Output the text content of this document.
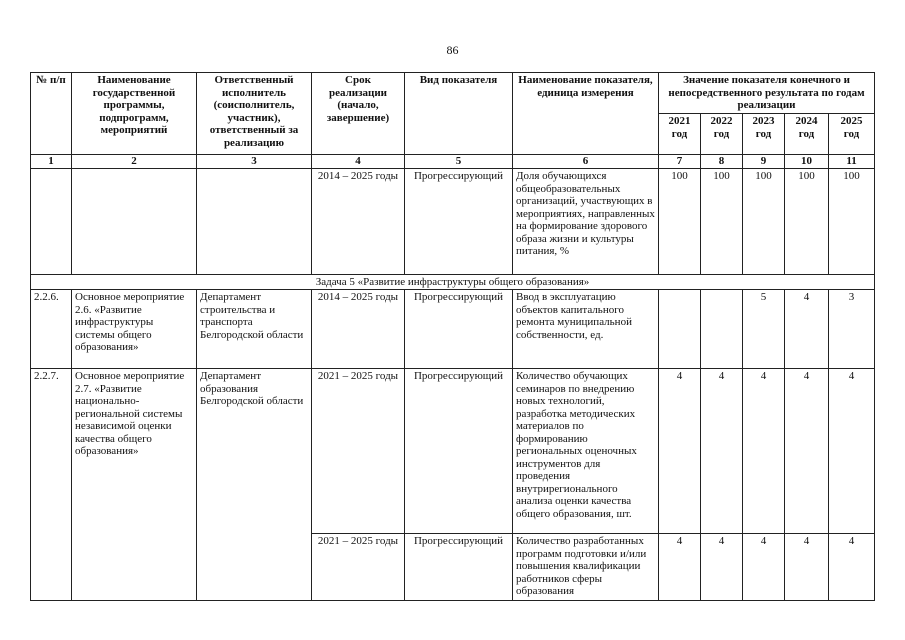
86
№ п/п	Наименование государственной программы, подпрограмм, мероприятий	Ответственный исполнитель (соисполнитель, участник), ответственный за реализацию	Срок реализации (начало, завершение)	Вид показателя	Наименование показателя, единица измерения	Значение показателя конечного и непосредственного результата по годам реализации				
						2021 год	2022 год	2023 год	2024 год	2025 год
1	2	3	4	5	6	7	8	9	10	11
			2014 – 2025 годы	Прогрессирующий	Доля обучающихся общеобразовательных организаций, участвующих в мероприятиях, направленных на формирование здорового образа жизни и культуры питания, %	100	100	100	100	100
Задача 5 «Развитие инфраструктуры общего образования»										
2.2.6.	Основное мероприятие 2.6. «Развитие инфраструктуры системы общего образования»	Департамент строительства и транспорта Белгородской области	2014 – 2025 годы	Прогрессирующий	Ввод в эксплуатацию объектов капитального ремонта муниципальной собственности, ед.			5	4	3
2.2.7.	Основное мероприятие 2.7. «Развитие национально-региональной системы независимой оценки качества общего образования»	Департамент образования Белгородской области	2021 – 2025 годы	Прогрессирующий	Количество обучающих семинаров по внедрению новых технологий, разработка методических материалов по формированию региональных оценочных инструментов для проведения внутрирегионального анализа оценки качества общего образования, шт.	4	4	4	4	4
			2021 – 2025 годы	Прогрессирующий	Количество разработанных программ подготовки и/или повышения квалификации работников сферы образования	4	4	4	4	4
